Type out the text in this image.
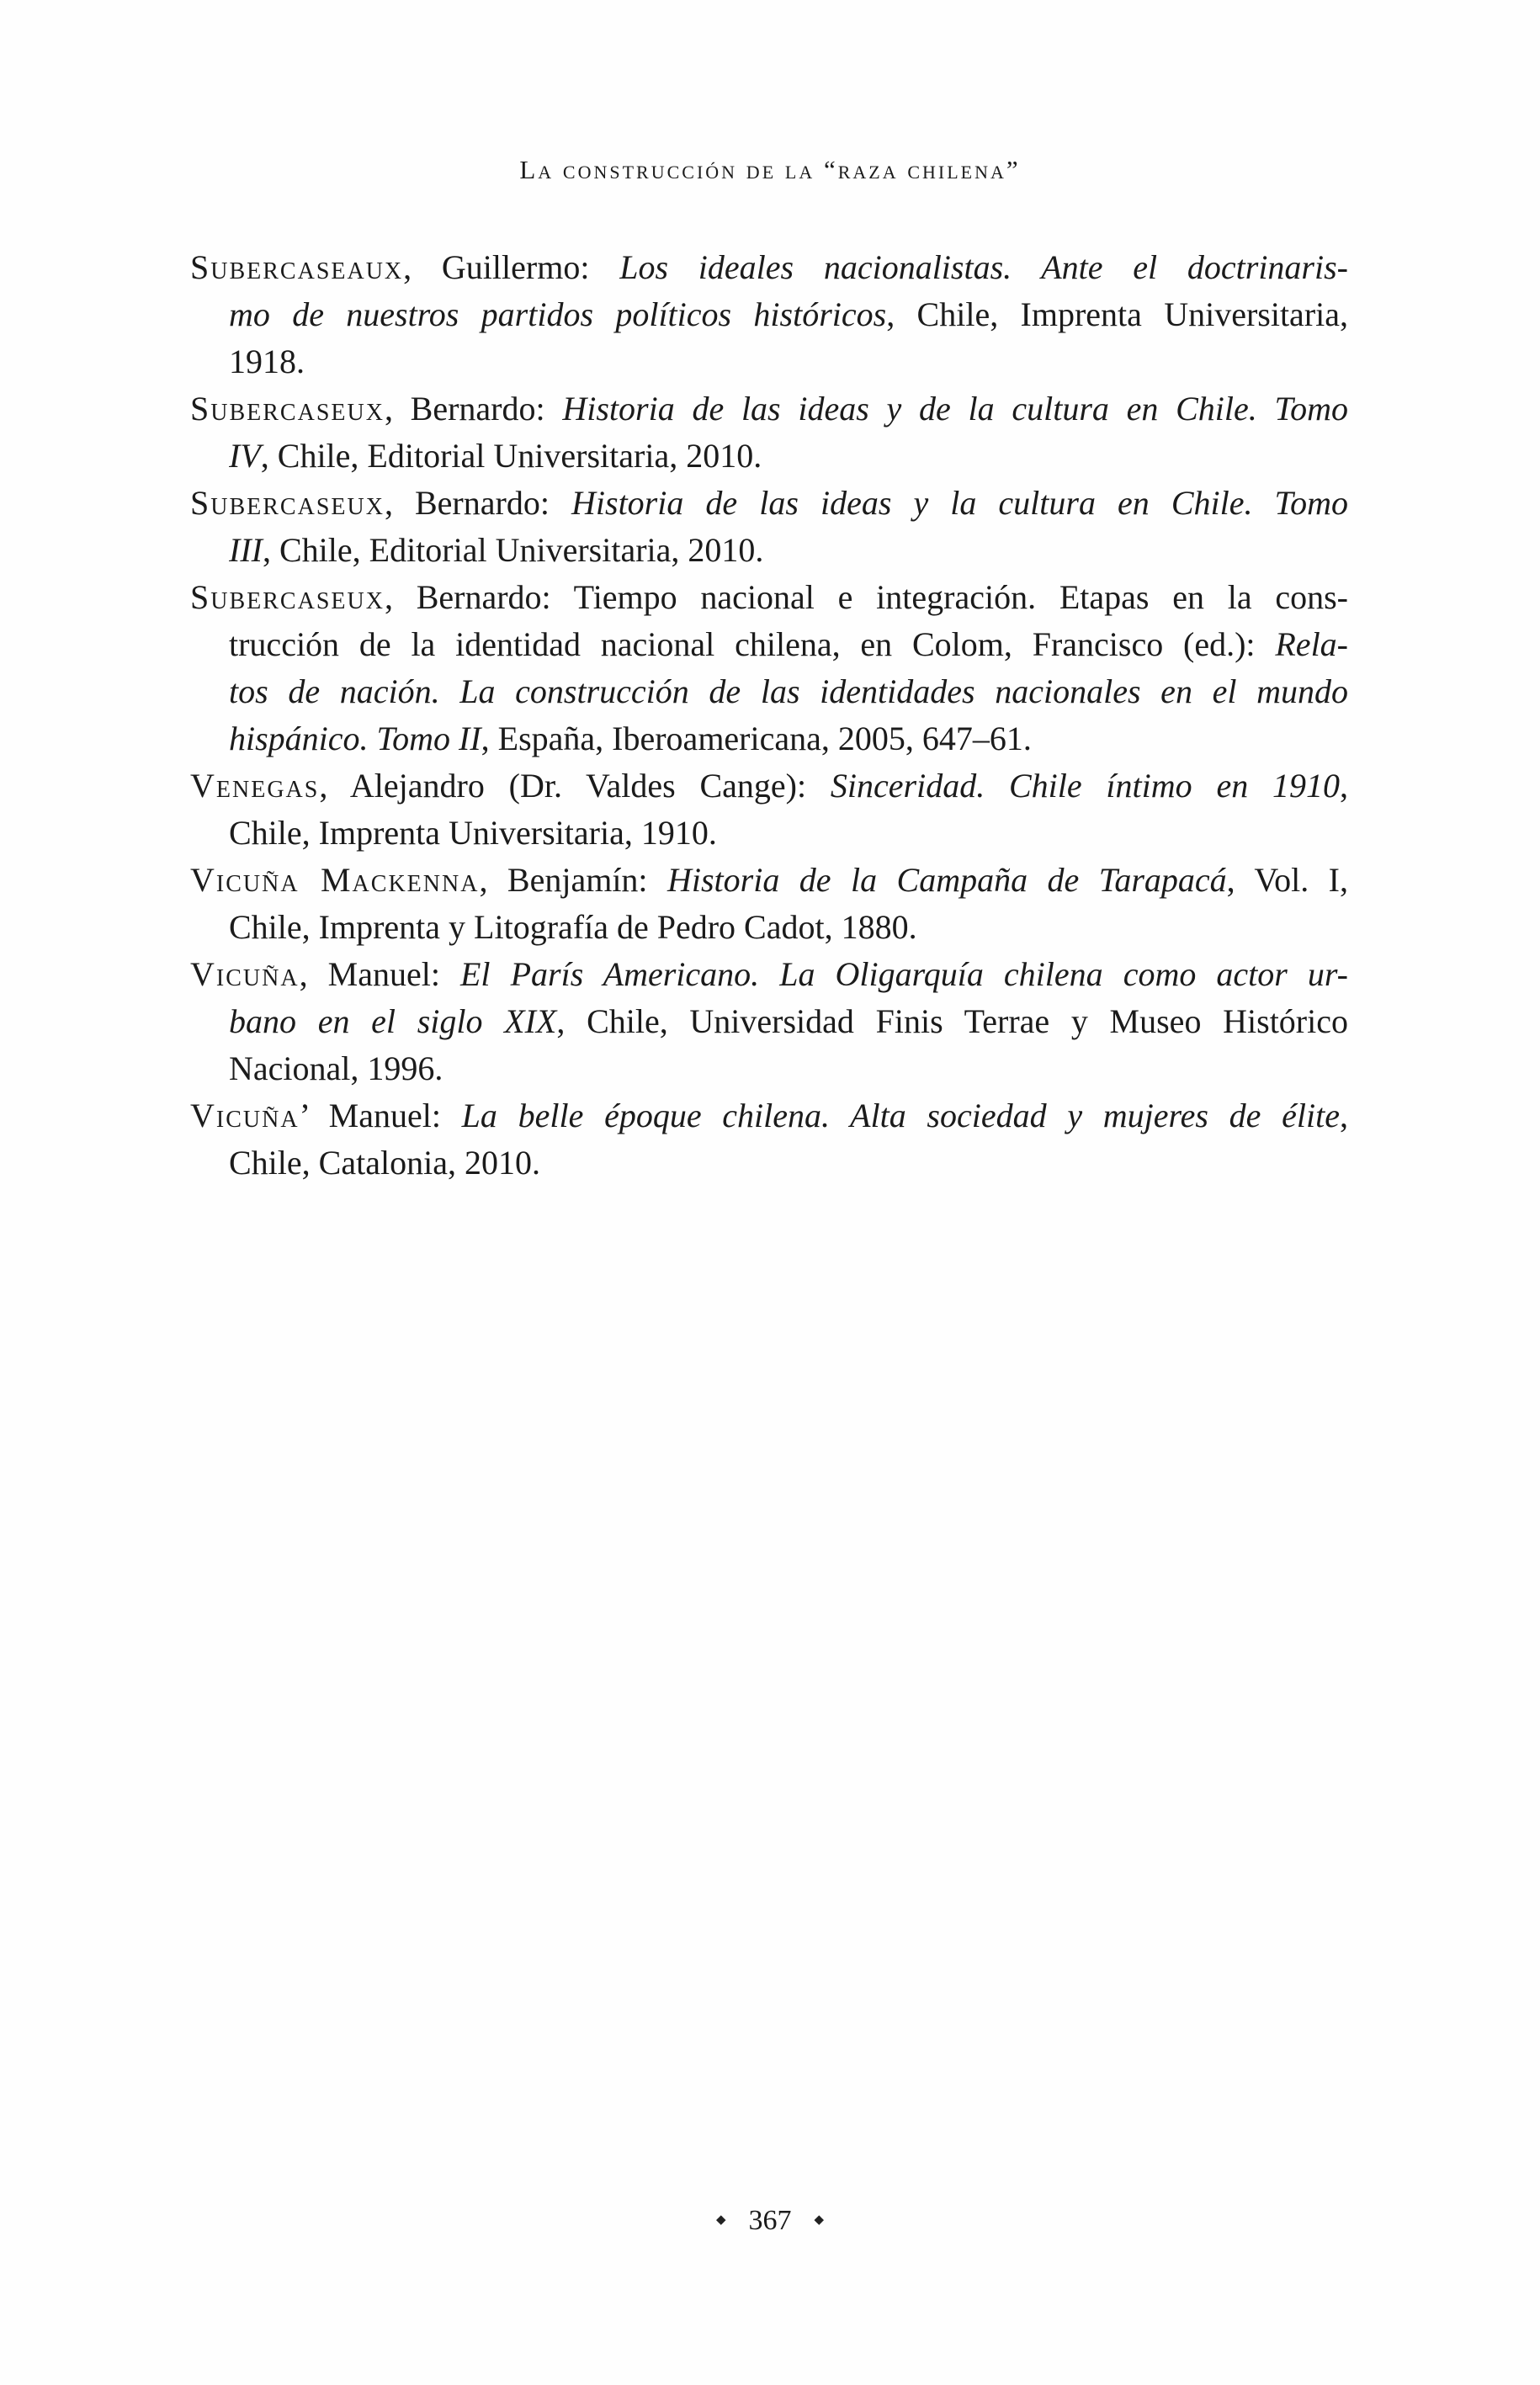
La construcción de la “raza chilena”
Subercaseaux, Guillermo: Los ideales nacionalistas. Ante el doctrinaris-
mo de nuestros partidos políticos históricos, Chile, Imprenta Universitaria,
1918.
Subercaseux, Bernardo: Historia de las ideas y de la cultura en Chile. Tomo
IV, Chile, Editorial Universitaria, 2010.
Subercaseux, Bernardo: Historia de las ideas y la cultura en Chile. Tomo
III, Chile, Editorial Universitaria, 2010.
Subercaseux, Bernardo: Tiempo nacional e integración. Etapas en la cons-
trucción de la identidad nacional chilena, en Colom, Francisco (ed.): Rela-
tos de nación. La construcción de las identidades nacionales en el mundo
hispánico. Tomo II, España, Iberoamericana, 2005, 647–61.
Venegas, Alejandro (Dr. Valdes Cange): Sinceridad. Chile íntimo en 1910,
Chile, Imprenta Universitaria, 1910.
Vicuña Mackenna, Benjamín: Historia de la Campaña de Tarapacá, Vol. I,
Chile, Imprenta y Litografía de Pedro Cadot, 1880.
Vicuña, Manuel: El París Americano. La Oligarquía chilena como actor ur-
bano en el siglo XIX, Chile, Universidad Finis Terrae y Museo Histórico
Nacional, 1996.
Vicuña’ Manuel: La belle époque chilena. Alta sociedad y mujeres de élite,
Chile, Catalonia, 2010.
◆ 367 ◆
